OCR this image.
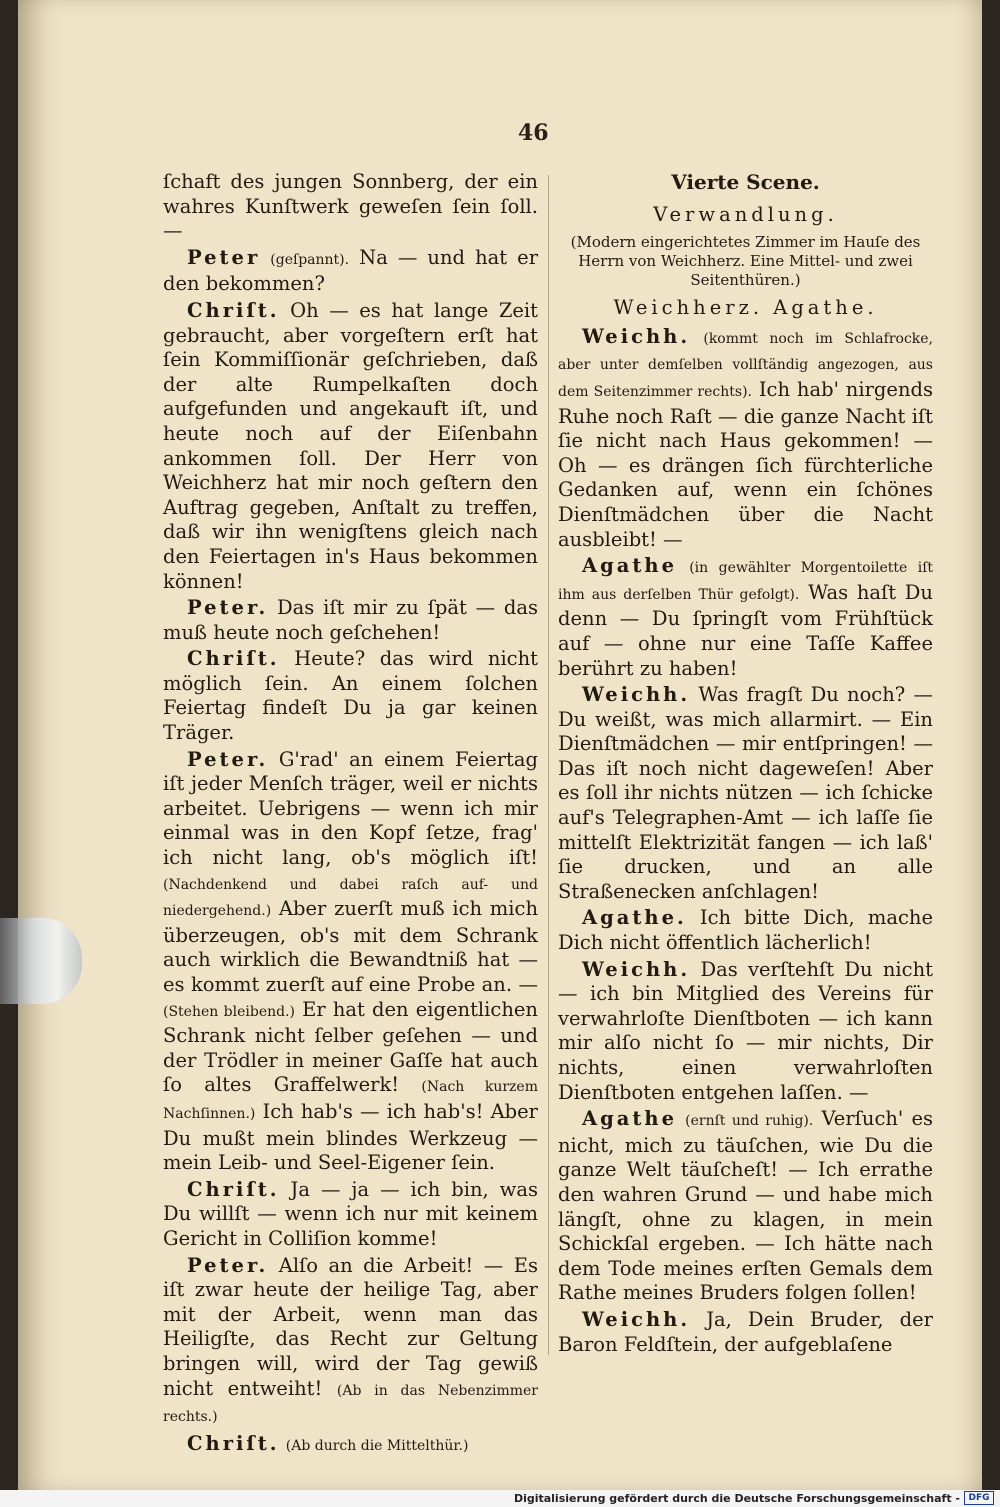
46

ſchaft des jungen Sonnberg, der ein wahres Kunſtwerk geweſen ſein ſoll. —

Peter (geſpannt). Na — und hat er den bekommen?

Chriſt. Oh — es hat lange Zeit gebraucht, aber vorgeſtern erſt hat ſein Kommiſſionär geſchrieben, daß der alte Rumpelkaſten doch aufgefunden und angekauft iſt, und heute noch auf der Eiſenbahn ankommen ſoll. Der Herr von Weichherz hat mir noch geſtern den Auftrag gegeben, Anſtalt zu treffen, daß wir ihn wenigſtens gleich nach den Feiertagen in's Haus bekommen können!

Peter. Das iſt mir zu ſpät — das muß heute noch geſchehen!

Chriſt. Heute? das wird nicht möglich ſein. An einem ſolchen Feiertag findeſt Du ja gar keinen Träger.

Peter. G'rad' an einem Feiertag iſt jeder Menſch träger, weil er nichts arbeitet. Uebrigens — wenn ich mir einmal was in den Kopf ſetze, frag' ich nicht lang, ob's möglich iſt! (Nachdenkend und dabei raſch auf- und niedergehend.) Aber zuerſt muß ich mich überzeugen, ob's mit dem Schrank auch wirklich die Bewandtniß hat — es kommt zuerſt auf eine Probe an. — (Stehen bleibend.) Er hat den eigentlichen Schrank nicht ſelber geſehen — und der Trödler in meiner Gaſſe hat auch ſo altes Graffelwerk! (Nach kurzem Nachſinnen.) Ich hab's — ich hab's! Aber Du mußt mein blindes Werkzeug — mein Leib- und Seel-Eigener ſein.

Chriſt. Ja — ja — ich bin, was Du willſt — wenn ich nur mit keinem Gericht in Colliſion komme!

Peter. Alſo an die Arbeit! — Es iſt zwar heute der heilige Tag, aber mit der Arbeit, wenn man das Heiligſte, das Recht zur Geltung bringen will, wird der Tag gewiß nicht entweiht! (Ab in das Nebenzimmer rechts.)

Chriſt. (Ab durch die Mittelthür.)

Vierte Scene.
Verwandlung.
(Modern eingerichtetes Zimmer im Hauſe des Herrn von Weichherz. Eine Mittel- und zwei Seitenthüren.)
Weichherz. Agathe.

Weichh. (kommt noch im Schlafrocke, aber unter demſelben vollſtändig angezogen, aus dem Seitenzimmer rechts). Ich hab' nirgends Ruhe noch Raſt — die ganze Nacht iſt ſie nicht nach Haus gekommen! — Oh — es drängen ſich fürchterliche Gedanken auf, wenn ein ſchönes Dienſtmädchen über die Nacht ausbleibt! —

Agathe (in gewählter Morgentoilette iſt ihm aus derſelben Thür gefolgt). Was haſt Du denn — Du ſpringſt vom Frühſtück auf — ohne nur eine Taſſe Kaffee berührt zu haben!

Weichh. Was fragſt Du noch? — Du weißt, was mich allarmirt. — Ein Dienſtmädchen — mir entſpringen! — Das iſt noch nicht dageweſen! Aber es ſoll ihr nichts nützen — ich ſchicke auf's Telegraphen-Amt — ich laſſe ſie mittelſt Elektrizität fangen — ich laß' ſie drucken, und an alle Straßenecken anſchlagen!

Agathe. Ich bitte Dich, mache Dich nicht öffentlich lächerlich!

Weichh. Das verſtehſt Du nicht — ich bin Mitglied des Vereins für verwahrloſte Dienſtboten — ich kann mir alſo nicht ſo — mir nichts, Dir nichts, einen verwahrloſten Dienſtboten entgehen laſſen. —

Agathe (ernſt und ruhig). Verſuch' es nicht, mich zu täuſchen, wie Du die ganze Welt täuſcheſt! — Ich errathe den wahren Grund — und habe mich längſt, ohne zu klagen, in mein Schickſal ergeben. — Ich hätte nach dem Tode meines erſten Gemals dem Rathe meines Bruders folgen ſollen!

Weichh. Ja, Dein Bruder, der Baron Feldſtein, der aufgeblaſene

Digitalisierung gefördert durch die Deutsche Forschungsgemeinschaft - DFG
